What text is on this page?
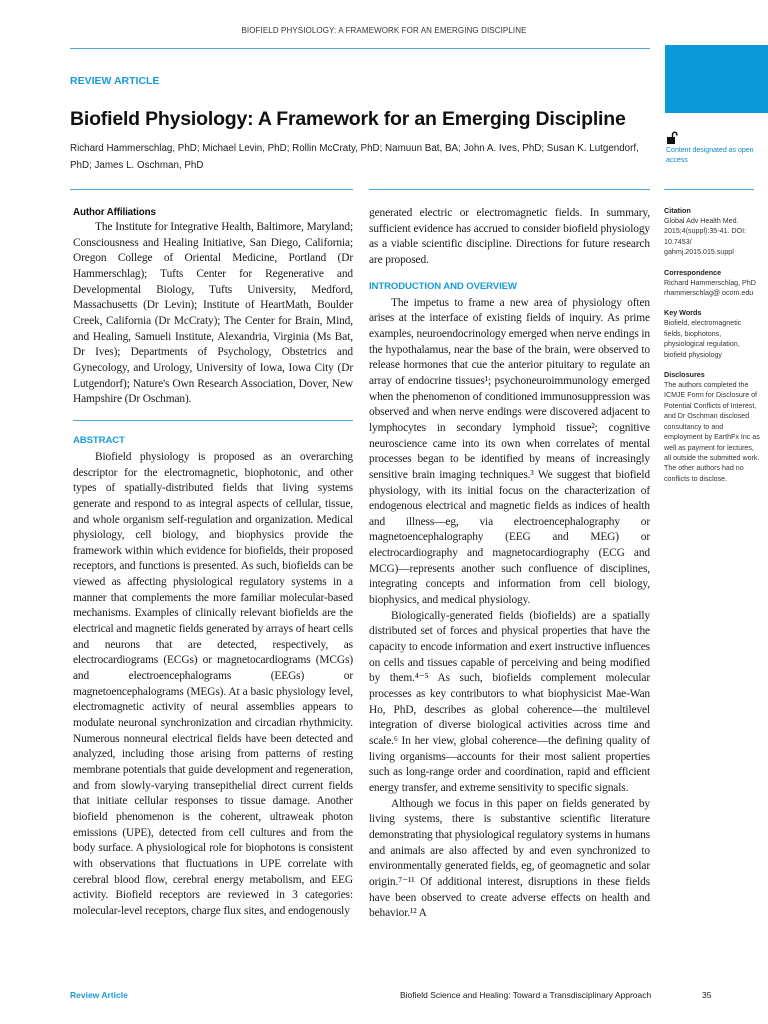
BIOFIELD PHYSIOLOGY: A FRAMEWORK FOR AN EMERGING DISCIPLINE
REVIEW ARTICLE
Biofield Physiology: A Framework for an Emerging Discipline
Richard Hammerschlag, PhD; Michael Levin, PhD; Rollin McCraty, PhD; Namuun Bat, BA; John A. Ives, PhD; Susan K. Lutgendorf, PhD; James L. Oschman, PhD
Content designated as open access
Author Affiliations

The Institute for Integrative Health, Baltimore, Maryland; Consciousness and Healing Initiative, San Diego, California; Oregon College of Oriental Medicine, Portland (Dr Hammerschlag); Tufts Center for Regenerative and Developmental Biology, Tufts University, Medford, Massachusetts (Dr Levin); Institute of HeartMath, Boulder Creek, California (Dr McCraty); The Center for Brain, Mind, and Healing, Samueli Institute, Alexandria, Virginia (Ms Bat, Dr Ives); Departments of Psychology, Obstetrics and Gynecology, and Urology, University of Iowa, Iowa City (Dr Lutgendorf); Nature's Own Research Association, Dover, New Hampshire (Dr Oschman).

ABSTRACT

Biofield physiology is proposed as an overarching descriptor for the electromagnetic, biophotonic, and other types of spatially-distributed fields that living systems generate and respond to as integral aspects of cellular, tissue, and whole organism self-regulation and organization. Medical physiology, cell biology, and biophysics provide the framework within which evidence for biofields, their proposed receptors, and functions is presented. As such, biofields can be viewed as affecting physiological regulatory systems in a manner that complements the more familiar molecular-based mechanisms. Examples of clinically relevant biofields are the electrical and magnetic fields generated by arrays of heart cells and neurons that are detected, respectively, as electrocardiograms (ECGs) or magnetocardiograms (MCGs) and electroencephalograms (EEGs) or magnetoencephalograms (MEGs). At a basic physiology level, electromagnetic activity of neural assemblies appears to modulate neuronal synchronization and circadian rhythmicity. Numerous nonneural electrical fields have been detected and analyzed, including those arising from patterns of resting membrane potentials that guide development and regeneration, and from slowly-varying transepithelial direct current fields that initiate cellular responses to tissue damage. Another biofield phenomenon is the coherent, ultraweak photon emissions (UPE), detected from cell cultures and from the body surface. A physiological role for biophotons is consistent with observations that fluctuations in UPE correlate with cerebral blood flow, cerebral energy metabolism, and EEG activity. Biofield receptors are reviewed in 3 categories: molecular-level receptors, charge flux sites, and endogenously

generated electric or electromagnetic fields. In summary, sufficient evidence has accrued to consider biofield physiology as a viable scientific discipline. Directions for future research are proposed.

INTRODUCTION AND OVERVIEW

The impetus to frame a new area of physiology often arises at the interface of existing fields of inquiry. As prime examples, neuroendocrinology emerged when nerve endings in the hypothalamus, near the base of the brain, were observed to release hormones that cue the anterior pituitary to regulate an array of endocrine tissues¹; psychoneuroimmunology emerged when the phenomenon of conditioned immunosuppression was observed and when nerve endings were discovered adjacent to lymphocytes in secondary lymphoid tissue²; cognitive neuroscience came into its own when correlates of mental processes began to be identified by means of increasingly sensitive brain imaging techniques.³ We suggest that biofield physiology, with its initial focus on the characterization of endogenous electrical and magnetic fields as indices of health and illness—eg, via electroencephalography or magnetoencephalography (EEG and MEG) or electrocardiography and magnetocardiography (ECG and MCG)—represents another such confluence of disciplines, integrating concepts and information from cell biology, biophysics, and medical physiology.

Biologically-generated fields (biofields) are a spatially distributed set of forces and physical properties that have the capacity to encode information and exert instructive influences on cells and tissues capable of perceiving and being modified by them.⁴⁻⁵ As such, biofields complement molecular processes as key contributors to what biophysicist Mae-Wan Ho, PhD, describes as global coherence—the multilevel integration of diverse biological activities across time and scale.⁶ In her view, global coherence—the defining quality of living organisms—accounts for their most salient properties such as long-range order and coordination, rapid and efficient energy transfer, and extreme sensitivity to specific signals.

Although we focus in this paper on fields generated by living systems, there is substantive scientific literature demonstrating that physiological regulatory systems in humans and animals are also affected by and even synchronized to environmentally generated fields, eg, of geomagnetic and solar origin.⁷⁻¹¹ Of additional interest, disruptions in these fields have been observed to create adverse effects on health and behavior.¹² A

Citation
Global Adv Health Med. 2015;4(suppl):35-41. DOI: 10.7453/ gahmj.2015.015.suppl
Correspondence
Richard Hammerschlag, PhD rhammerschlag@ ocom.edu
Key Words
Biofield, electromagnetic fields, biophotons, physiological regulation, biofield physiology
Disclosures
The authors completed the ICMJE Form for Disclosure of Potential Conflicts of Interest, and Dr Oschman disclosed consultancy to and employment by EarthFx Inc as well as payment for lectures, all outside the submitted work. The other authors had no conflicts to disclose.
Review Article	Biofield Science and Healing: Toward a Transdisciplinary Approach	35
